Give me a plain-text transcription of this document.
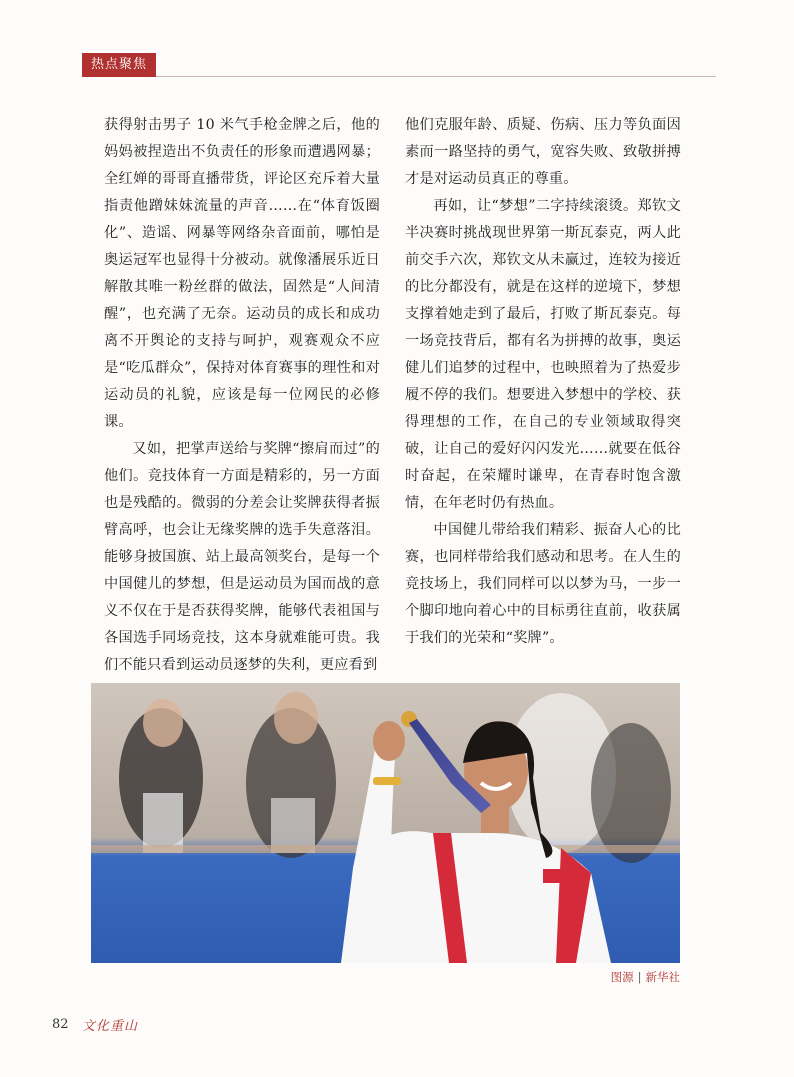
热点聚焦

获得射击男子 10 米气手枪金牌之后，他的妈妈被捏造出不负责任的形象而遭遇网暴；全红婵的哥哥直播带货，评论区充斥着大量指责他蹭妹妹流量的声音……在“体育饭圈化”、造谣、网暴等网络杂音面前，哪怕是奥运冠军也显得十分被动。就像潘展乐近日解散其唯一粉丝群的做法，固然是“人间清醒”，也充满了无奈。运动员的成长和成功离不开舆论的支持与呵护，观赛观众不应是“吃瓜群众”，保持对体育赛事的理性和对运动员的礼貌，应该是每一位网民的必修课。

又如，把掌声送给与奖牌“擦肩而过”的他们。竞技体育一方面是精彩的，另一方面也是残酷的。微弱的分差会让奖牌获得者振臂高呼，也会让无缘奖牌的选手失意落泪。能够身披国旗、站上最高领奖台，是每一个中国健儿的梦想，但是运动员为国而战的意义不仅在于是否获得奖牌，能够代表祖国与各国选手同场竞技，这本身就难能可贵。我们不能只看到运动员逐梦的失利，更应看到

他们克服年龄、质疑、伤病、压力等负面因素而一路坚持的勇气，宽容失败、致敬拼搏才是对运动员真正的尊重。

再如，让“梦想”二字持续滚烫。郑钦文半决赛时挑战现世界第一斯瓦泰克，两人此前交手六次，郑钦文从未赢过，连较为接近的比分都没有，就是在这样的逆境下，梦想支撑着她走到了最后，打败了斯瓦泰克。每一场竞技背后，都有名为拼搏的故事，奥运健儿们追梦的过程中，也映照着为了热爱步履不停的我们。想要进入梦想中的学校、获得理想的工作，在自己的专业领域取得突破，让自己的爱好闪闪发光……就要在低谷时奋起，在荣耀时谦卑，在青春时饱含激情，在年老时仍有热血。

中国健儿带给我们精彩、振奋人心的比赛，也同样带给我们感动和思考。在人生的竞技场上，我们同样可以以梦为马，一步一个脚印地向着心中的目标勇往直前，收获属于我们的光荣和“奖牌”。

图源 | 新华社
82 文化重山
